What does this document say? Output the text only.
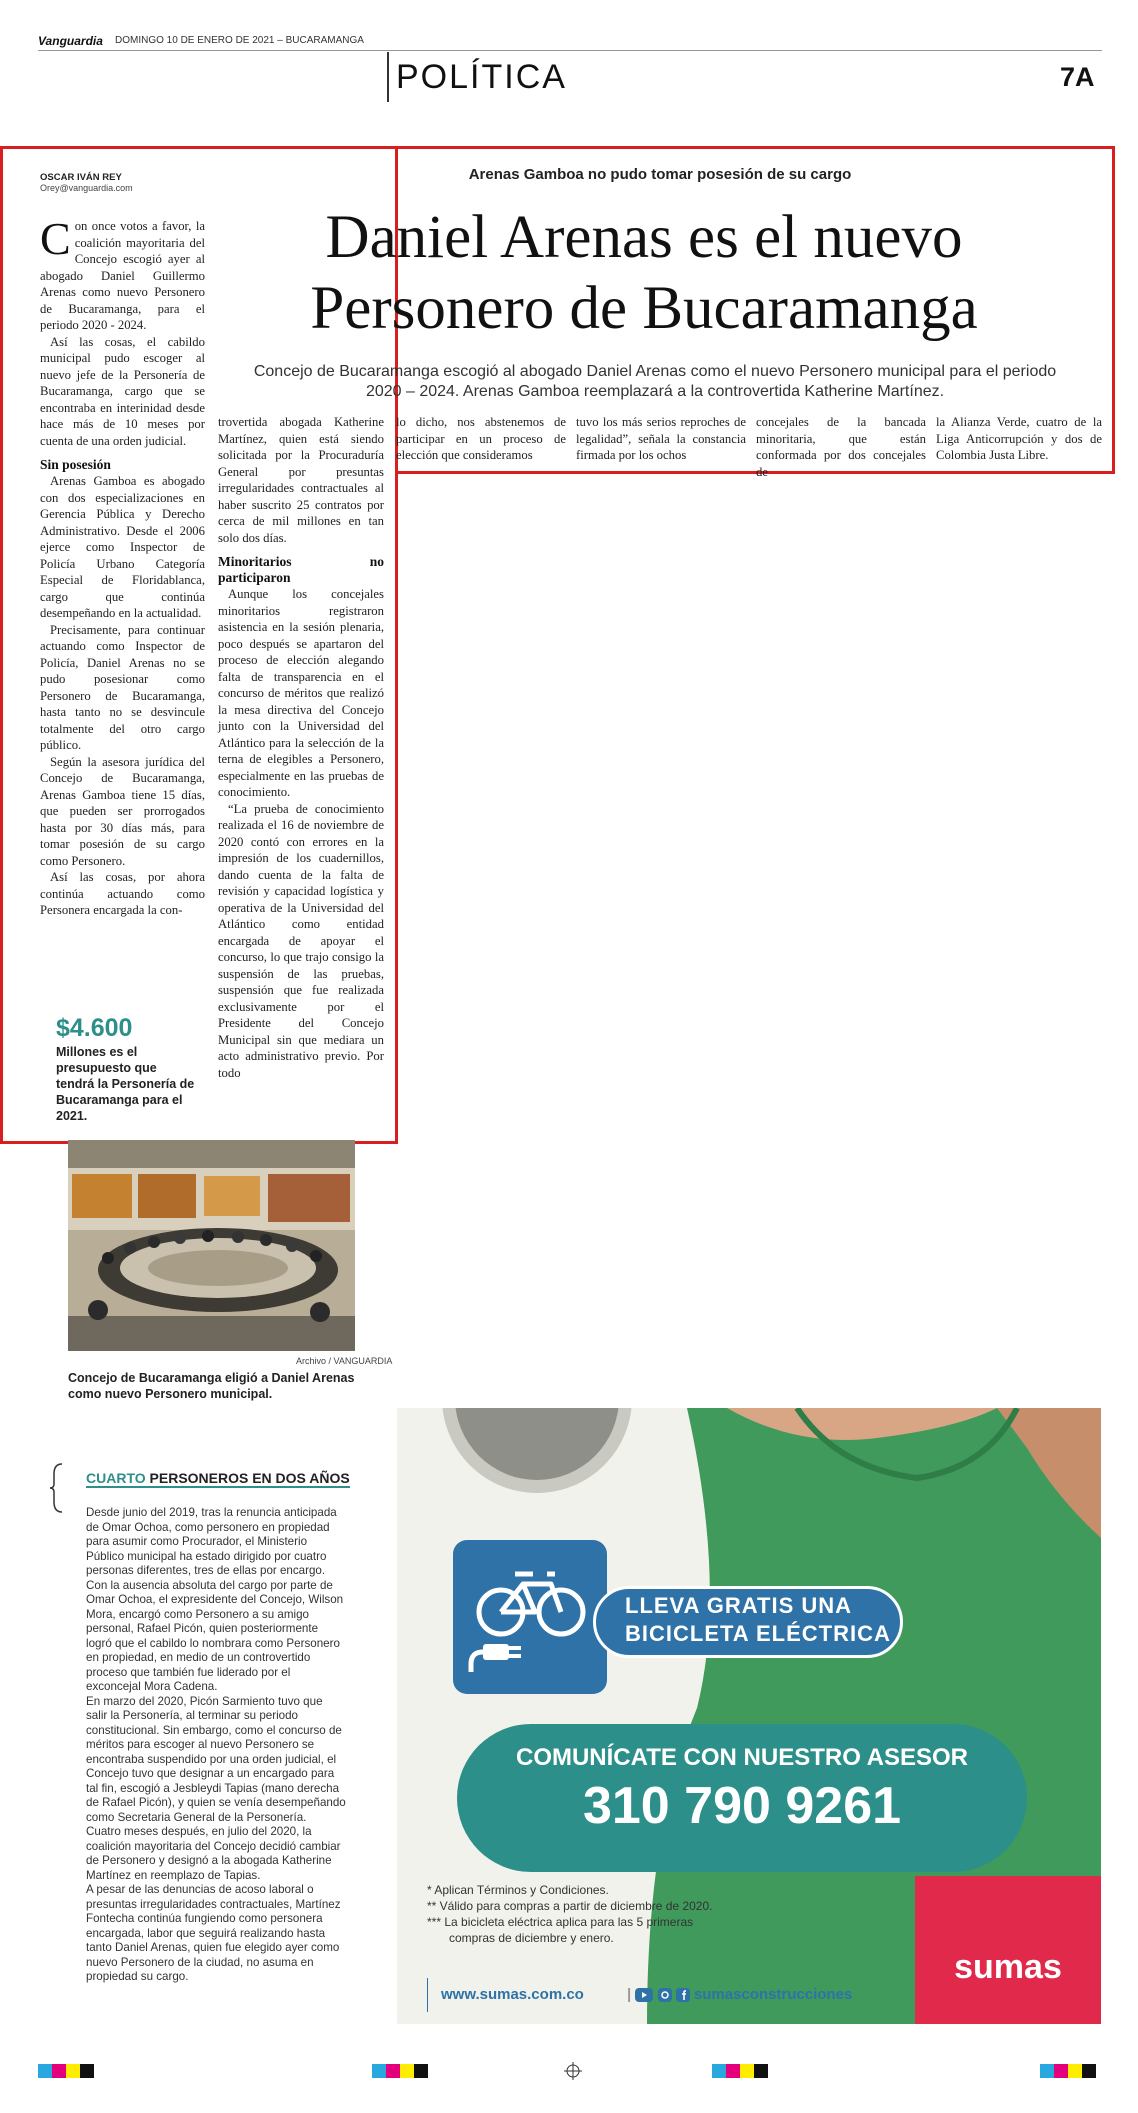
Vanguardia DOMINGO 10 DE ENERO DE 2021 – BUCARAMANGA
POLÍTICA	7A
OSCAR IVÁN REY
Orey@vanguardia.com
Arenas Gamboa no pudo tomar posesión de su cargo
Daniel Arenas es el nuevo
Personero de Bucaramanga
Concejo de Bucaramanga escogió al abogado Daniel Arenas como el nuevo Personero municipal para el periodo 2020 – 2024. Arenas Gamboa reemplazará a la controvertida Katherine Martínez.

Con once votos a favor, la coalición mayoritaria del Concejo escogió ayer al abogado Daniel Guillermo Arenas como nuevo Personero de Bucaramanga, para el periodo 2020 - 2024.

Así las cosas, el cabildo municipal pudo escoger al nuevo jefe de la Personería de Bucaramanga, cargo que se encontraba en interinidad desde hace más de 10 meses por cuenta de una orden judicial.

Sin posesión

Arenas Gamboa es abogado con dos especializaciones en Gerencia Pública y Derecho Administrativo. Desde el 2006 ejerce como Inspector de Policía Urbano Categoría Especial de Floridablanca, cargo que continúa desempeñando en la actualidad.

Precisamente, para continuar actuando como Inspector de Policía, Daniel Arenas no se pudo posesionar como Personero de Bucaramanga, hasta tanto no se desvincule totalmente del otro cargo público.

Según la asesora jurídica del Concejo de Bucaramanga, Arenas Gamboa tiene 15 días, que pueden ser prorrogados hasta por 30 días más, para tomar posesión de su cargo como Personero.

Así las cosas, por ahora continúa actuando como Personera encargada la con-

$4.600
Millones es el presupuesto que tendrá la Personería de Bucaramanga para el 2021.

trovertida abogada Katherine Martínez, quien está siendo solicitada por la Procuraduría General por presuntas irregularidades contractuales al haber suscrito 25 contratos por cerca de mil millones en tan solo dos días.

Minoritarios no participaron

Aunque los concejales minoritarios registraron asistencia en la sesión plenaria, poco después se apartaron del proceso de elección alegando falta de transparencia en el concurso de méritos que realizó la mesa directiva del Concejo junto con la Universidad del Atlántico para la selección de la terna de elegibles a Personero, especialmente en las pruebas de conocimiento.

“La prueba de conocimiento realizada el 16 de noviembre de 2020 contó con errores en la impresión de los cuadernillos, dando cuenta de la falta de revisión y capacidad logística y operativa de la Universidad del Atlántico como entidad encargada de apoyar el concurso, lo que trajo consigo la suspensión de las pruebas, suspensión que fue realizada exclusivamente por el Presidente del Concejo Municipal sin que mediara un acto administrativo previo. Por todo

lo dicho, nos abstenemos de participar en un proceso de elección que consideramos

tuvo los más serios reproches de legalidad”, señala la constancia firmada por los ochos

concejales de la bancada minoritaria, que están conformada por dos concejales de

la Alianza Verde, cuatro de la Liga Anticorrupción y dos de Colombia Justa Libre.

Archivo / VANGUARDIA
Concejo de Bucaramanga eligió a Daniel Arenas como nuevo Personero municipal.
CUARTO PERSONEROS EN DOS AÑOS

Desde junio del 2019, tras la renuncia anticipada de Omar Ochoa, como personero en propiedad para asumir como Procurador, el Ministerio Público municipal ha estado dirigido por cuatro personas diferentes, tres de ellas por encargo.

Con la ausencia absoluta del cargo por parte de Omar Ochoa, el expresidente del Concejo, Wilson Mora, encargó como Personero a su amigo personal, Rafael Picón, quien posteriormente logró que el cabildo lo nombrara como Personero en propiedad, en medio de un controvertido proceso que también fue liderado por el exconcejal Mora Cadena.

En marzo del 2020, Picón Sarmiento tuvo que salir la Personería, al terminar su periodo constitucional. Sin embargo, como el concurso de méritos para escoger al nuevo Personero se encontraba suspendido por una orden judicial, el Concejo tuvo que designar a un encargado para tal fin, escogió a Jesbleydi Tapias (mano derecha de Rafael Picón), y quien se venía desempeñando como Secretaria General de la Personería.

Cuatro meses después, en julio del 2020, la coalición mayoritaria del Concejo decidió cambiar de Personero y designó a la abogada Katherine Martínez en reemplazo de Tapias.

A pesar de las denuncias de acoso laboral o presuntas irregularidades contractuales, Martínez Fontecha continúa fungiendo como personera encargada, labor que seguirá realizando hasta tanto Daniel Arenas, quien fue elegido ayer como nuevo Personero de la ciudad, no asuma en propiedad su cargo.

LLEVA GRATIS UNA
BICICLETA ELÉCTRICA
COMUNÍCATE CON NUESTRO ASESOR
310 790 9261

* Aplican Términos y Condiciones.

** Válido para compras a partir de diciembre de 2020.

*** La bicicleta eléctrica aplica para las 5 primeras

compras de diciembre y enero.

sumas
www.sumas.com.co	|	sumasconstrucciones
